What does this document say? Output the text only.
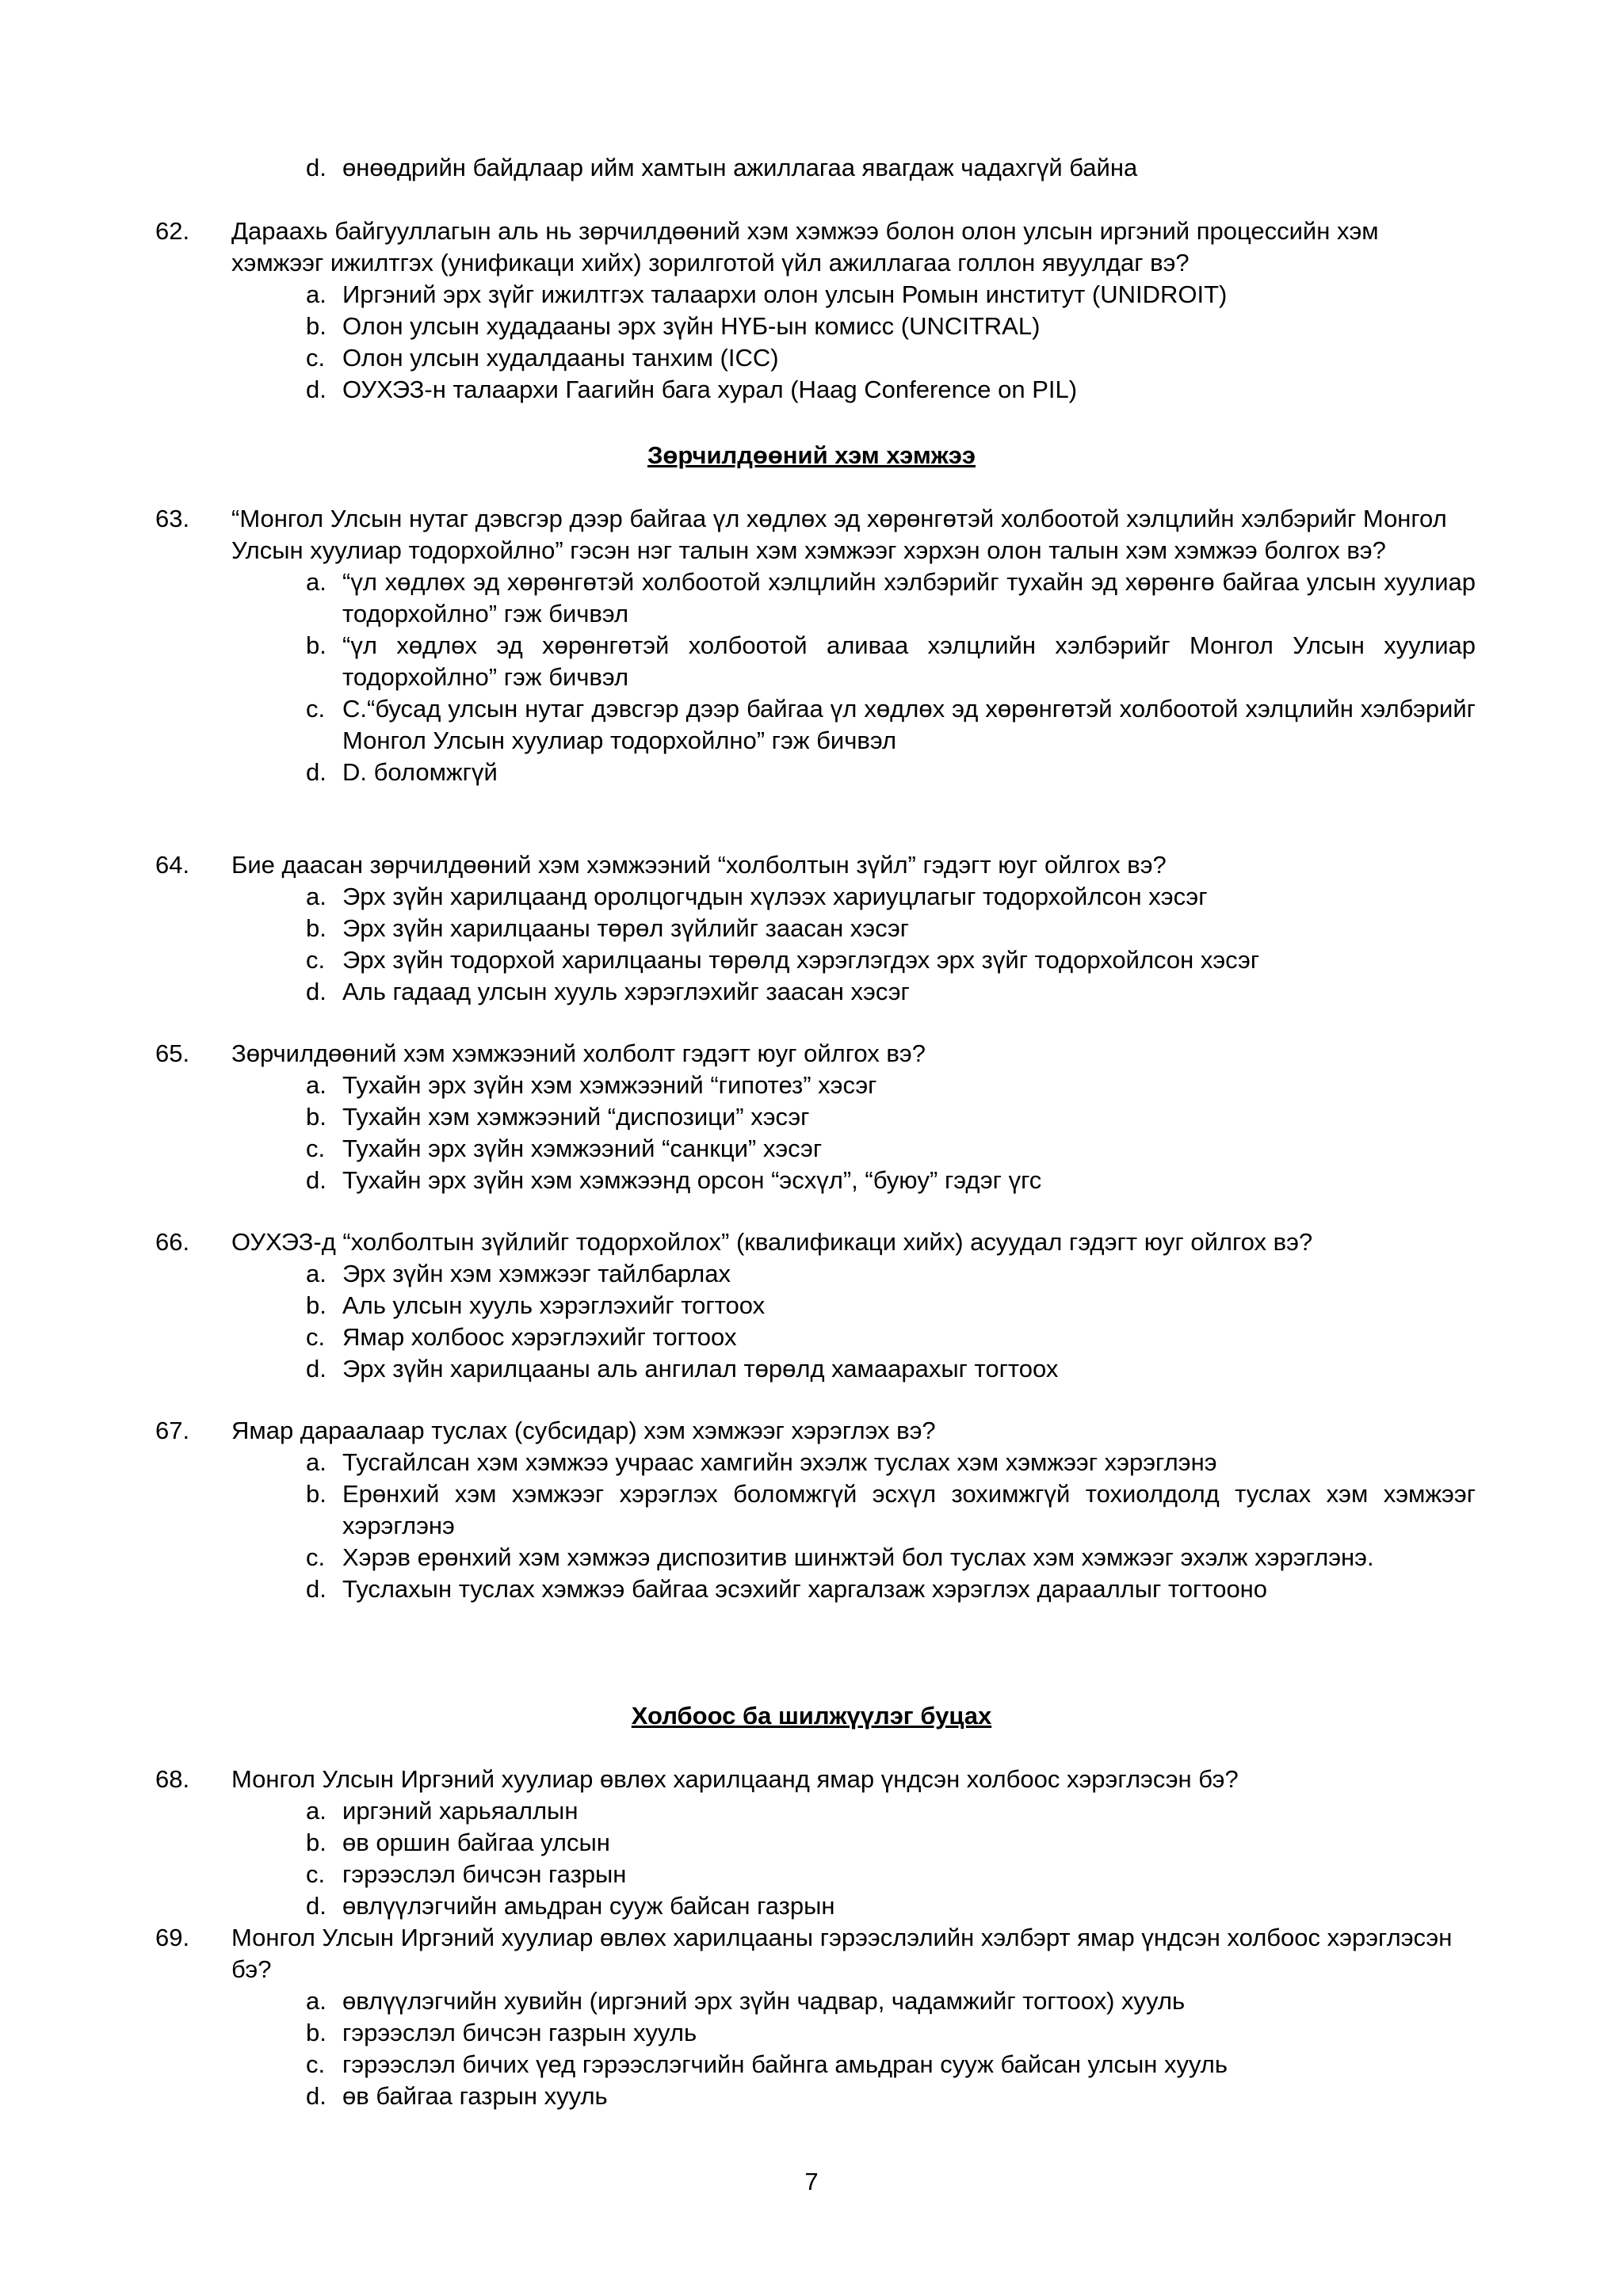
d. өнөөдрийн байдлаар ийм хамтын ажиллагаа явагдаж чадахгүй байна
62.	Дараахь байгууллагын аль нь зөрчилдөөний хэм хэмжээ болон олон улсын иргэний процессийн хэм хэмжээг ижилтгэх (унификаци хийх) зорилготой үйл ажиллагаа голлон явуулдаг вэ?
a. Иргэний эрх зүйг ижилтгэх талаархи олон улсын Ромын институт (UNIDROIT)
b. Олон улсын худадааны эрх зүйн НҮБ-ын комисс (UNCITRAL)
c. Олон улсын худалдааны танхим (ICC)
d. ОУХЭЗ-н талаархи Гаагийн бага хурал (Haag Conference on PIL)
Зөрчилдөөний хэм хэмжээ
63.	“Монгол Улсын нутаг дэвсгэр дээр байгаа үл хөдлөх эд хөрөнгөтэй холбоотой хэлцлийн хэлбэрийг Монгол Улсын хуулиар тодорхойлно” гэсэн нэг талын хэм хэмжээг хэрхэн олон талын хэм хэмжээ болгох вэ?
a. “үл хөдлөх эд хөрөнгөтэй холбоотой хэлцлийн хэлбэрийг тухайн эд хөрөнгө байгаа улсын хуулиар тодорхойлно” гэж бичвэл
b. “үл хөдлөх эд хөрөнгөтэй холбоотой аливаа хэлцлийн хэлбэрийг Монгол Улсын хуулиар тодорхойлно” гэж бичвэл
c. C.“бусад улсын нутаг дэвсгэр дээр байгаа үл хөдлөх эд хөрөнгөтэй холбоотой хэлцлийн хэлбэрийг Монгол Улсын хуулиар тодорхойлно” гэж бичвэл
d. D. боломжгүй
64.	Бие даасан зөрчилдөөний хэм хэмжээний “холболтын зүйл” гэдэгт юуг ойлгох вэ?
a. Эрх зүйн харилцаанд оролцогчдын хүлээх хариуцлагыг тодорхойлсон хэсэг
b. Эрх зүйн харилцааны төрөл зүйлийг заасан хэсэг
c. Эрх зүйн тодорхой харилцааны төрөлд хэрэглэгдэх эрх зүйг тодорхойлсон хэсэг
d. Аль гадаад улсын хууль хэрэглэхийг заасан хэсэг
65.	Зөрчилдөөний хэм хэмжээний холболт гэдэгт юуг ойлгох вэ?
a. Тухайн эрх зүйн хэм хэмжээний “гипотез” хэсэг
b. Тухайн хэм хэмжээний “диспозици” хэсэг
c. Тухайн эрх зүйн хэмжээний “санкци” хэсэг
d. Тухайн эрх зүйн хэм хэмжээнд орсон “эсхүл”, “буюу” гэдэг үгс
66.	ОУХЭЗ-д “холболтын зүйлийг тодорхойлох” (квалификаци хийх) асуудал гэдэгт юуг ойлгох вэ?
a. Эрх зүйн хэм хэмжээг тайлбарлах
b. Аль улсын хууль хэрэглэхийг тогтоох
c. Ямар холбоос хэрэглэхийг тогтоох
d. Эрх зүйн харилцааны аль ангилал төрөлд хамаарахыг тогтоох
67.	Ямар дараалаар туслах (субсидар) хэм хэмжээг хэрэглэх вэ?
a. Тусгайлсан хэм хэмжээ учраас хамгийн эхэлж туслах хэм хэмжээг хэрэглэнэ
b. Ерөнхий хэм хэмжээг хэрэглэх боломжгүй эсхүл зохимжгүй тохиолдолд туслах хэм хэмжээг хэрэглэнэ
c. Хэрэв ерөнхий хэм хэмжээ диспозитив шинжтэй бол туслах хэм хэмжээг эхэлж хэрэглэнэ.
d. Туслахын туслах хэмжээ байгаа эсэхийг харгалзаж хэрэглэх дарааллыг тогтооно
Холбоос ба шилжүүлэг буцах
68.	Монгол Улсын Иргэний хуулиар өвлөх харилцаанд ямар үндсэн холбоос хэрэглэсэн бэ?
a. иргэний харьяаллын
b. өв оршин байгаа улсын
c. гэрээслэл бичсэн газрын
d. өвлүүлэгчийн амьдран сууж байсан газрын
69.	Монгол Улсын Иргэний хуулиар өвлөх харилцааны гэрээслэлийн хэлбэрт ямар үндсэн холбоос хэрэглэсэн бэ?
a. өвлүүлэгчийн хувийн (иргэний эрх зүйн чадвар, чадамжийг тогтоох) хууль
b. гэрээслэл бичсэн газрын хууль
c. гэрээслэл бичих үед гэрээслэгчийн байнга амьдран сууж байсан улсын хууль
d. өв байгаа газрын хууль
7
